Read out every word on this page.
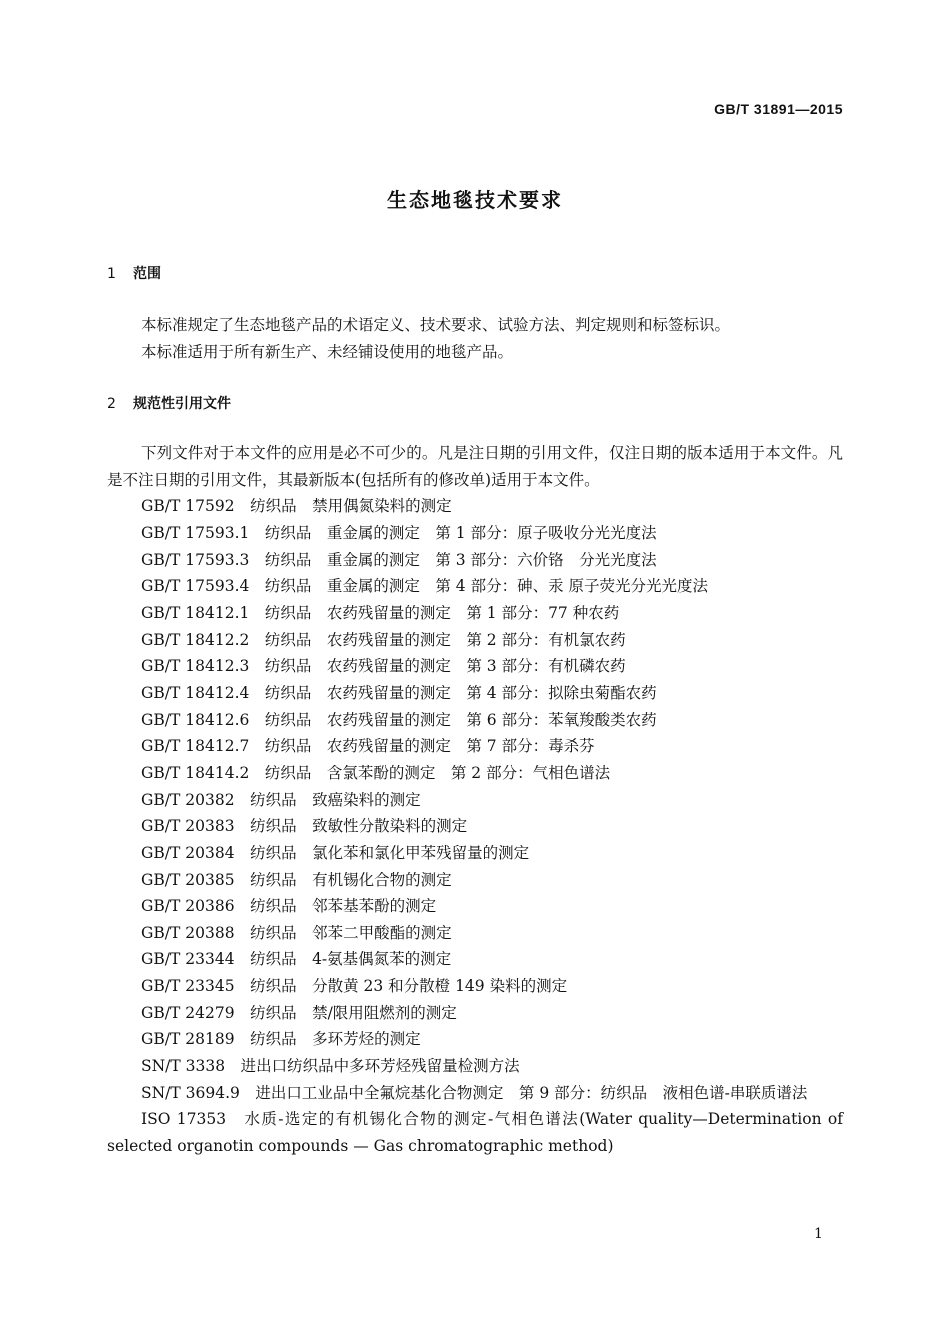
GB/T 31891—2015
生态地毯技术要求
1 范围
本标准规定了生态地毯产品的术语定义、技术要求、试验方法、判定规则和标签标识。
本标准适用于所有新生产、未经铺设使用的地毯产品。
2 规范性引用文件
下列文件对于本文件的应用是必不可少的。凡是注日期的引用文件，仅注日期的版本适用于本文件。凡是不注日期的引用文件，其最新版本(包括所有的修改单)适用于本文件。
GB/T 17592　纺织品　禁用偶氮染料的测定
GB/T 17593.1　纺织品　重金属的测定　第 1 部分：原子吸收分光光度法
GB/T 17593.3　纺织品　重金属的测定　第 3 部分：六价铬　分光光度法
GB/T 17593.4　纺织品　重金属的测定　第 4 部分：砷、汞 原子荧光分光光度法
GB/T 18412.1　纺织品　农药残留量的测定　第 1 部分：77 种农药
GB/T 18412.2　纺织品　农药残留量的测定　第 2 部分：有机氯农药
GB/T 18412.3　纺织品　农药残留量的测定　第 3 部分：有机磷农药
GB/T 18412.4　纺织品　农药残留量的测定　第 4 部分：拟除虫菊酯农药
GB/T 18412.6　纺织品　农药残留量的测定　第 6 部分：苯氧羧酸类农药
GB/T 18412.7　纺织品　农药残留量的测定　第 7 部分：毒杀芬
GB/T 18414.2　纺织品　含氯苯酚的测定　第 2 部分：气相色谱法
GB/T 20382　纺织品　致癌染料的测定
GB/T 20383　纺织品　致敏性分散染料的测定
GB/T 20384　纺织品　氯化苯和氯化甲苯残留量的测定
GB/T 20385　纺织品　有机锡化合物的测定
GB/T 20386　纺织品　邻苯基苯酚的测定
GB/T 20388　纺织品　邻苯二甲酸酯的测定
GB/T 23344　纺织品　4-氨基偶氮苯的测定
GB/T 23345　纺织品　分散黄 23 和分散橙 149 染料的测定
GB/T 24279　纺织品　禁/限用阻燃剂的测定
GB/T 28189　纺织品　多环芳烃的测定
SN/T 3338　进出口纺织品中多环芳烃残留量检测方法
SN/T 3694.9　进出口工业品中全氟烷基化合物测定　第 9 部分：纺织品　液相色谱-串联质谱法
ISO 17353　水质-选定的有机锡化合物的测定-气相色谱法(Water quality—Determination of selected organotin compounds — Gas chromatographic method)
1
